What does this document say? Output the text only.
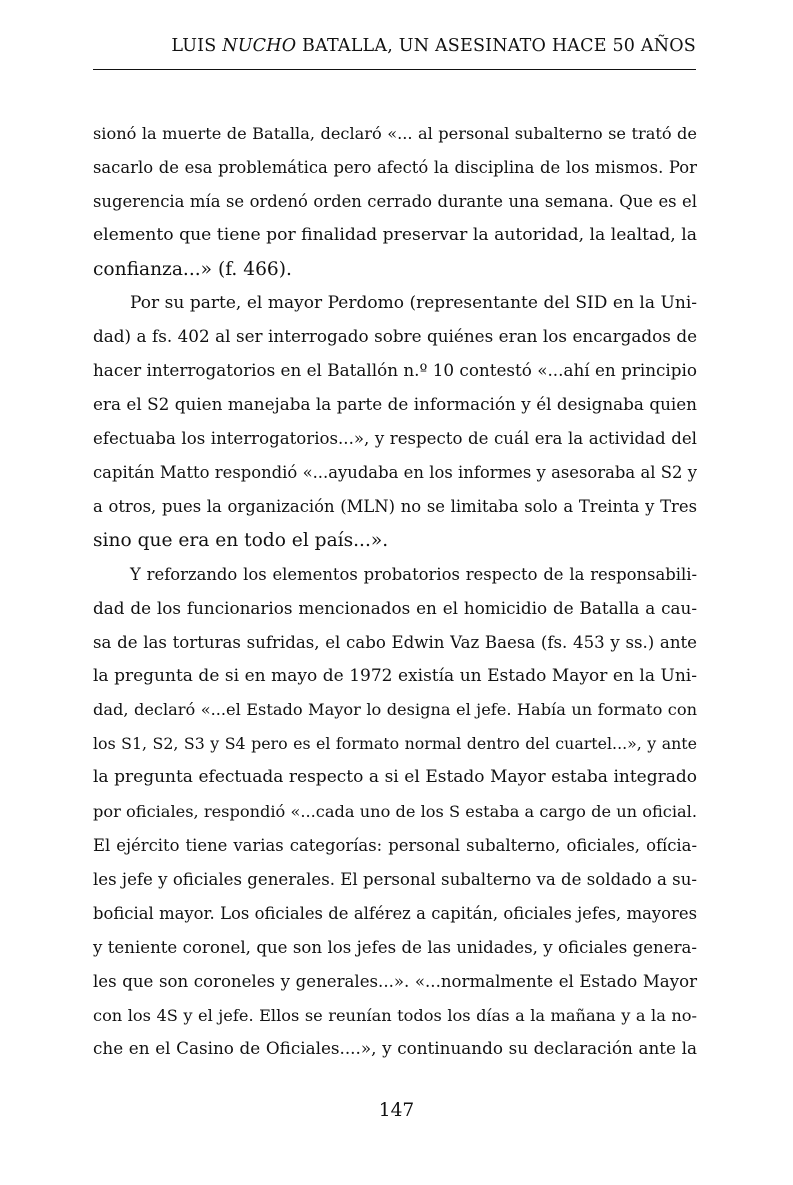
LUIS NUCHO BATALLA, UN ASESINATO HACE 50 AÑOS

sionó la muerte de Batalla, declaró «... al personal subalterno se trató de

sacarlo de esa problemática pero afectó la disciplina de los mismos. Por

sugerencia mía se ordenó orden cerrado durante una semana. Que es el

elemento que tiene por finalidad preservar la autoridad, la lealtad, la

confianza...» (f. 466).

Por su parte, el mayor Perdomo (representante del SID en la Uni-

dad) a fs. 402 al ser interrogado sobre quiénes eran los encargados de

hacer interrogatorios en el Batallón n.º 10 contestó «...ahí en principio

era el S2 quien manejaba la parte de información y él designaba quien

efectuaba los interrogatorios...», y respecto de cuál era la actividad del

capitán Matto respondió «...ayudaba en los informes y asesoraba al S2 y

a otros, pues la organización (MLN) no se limitaba solo a Treinta y Tres

sino que era en todo el país...».

Y reforzando los elementos probatorios respecto de la responsabili-

dad de los funcionarios mencionados en el homicidio de Batalla a cau-

sa de las torturas sufridas, el cabo Edwin Vaz Baesa (fs. 453 y ss.) ante

la pregunta de si en mayo de 1972 existía un Estado Mayor en la Uni-

dad, declaró «...el Estado Mayor lo designa el jefe. Había un formato con

los S1, S2, S3 y S4 pero es el formato normal dentro del cuartel...», y ante

la pregunta efectuada respecto a si el Estado Mayor estaba integrado

por oficiales, respondió «...cada uno de los S estaba a cargo de un oficial.

El ejército tiene varias categorías: personal subalterno, oficiales, ofícia-

les jefe y oficiales generales. El personal subalterno va de soldado a su-

boficial mayor. Los oficiales de alférez a capitán, oficiales jefes, mayores

y teniente coronel, que son los jefes de las unidades, y oficiales genera-

les que son coroneles y generales...». «...normalmente el Estado Mayor

con los 4S y el jefe. Ellos se reunían todos los días a la mañana y a la no-

che en el Casino de Oficiales....», y continuando su declaración ante la

147
